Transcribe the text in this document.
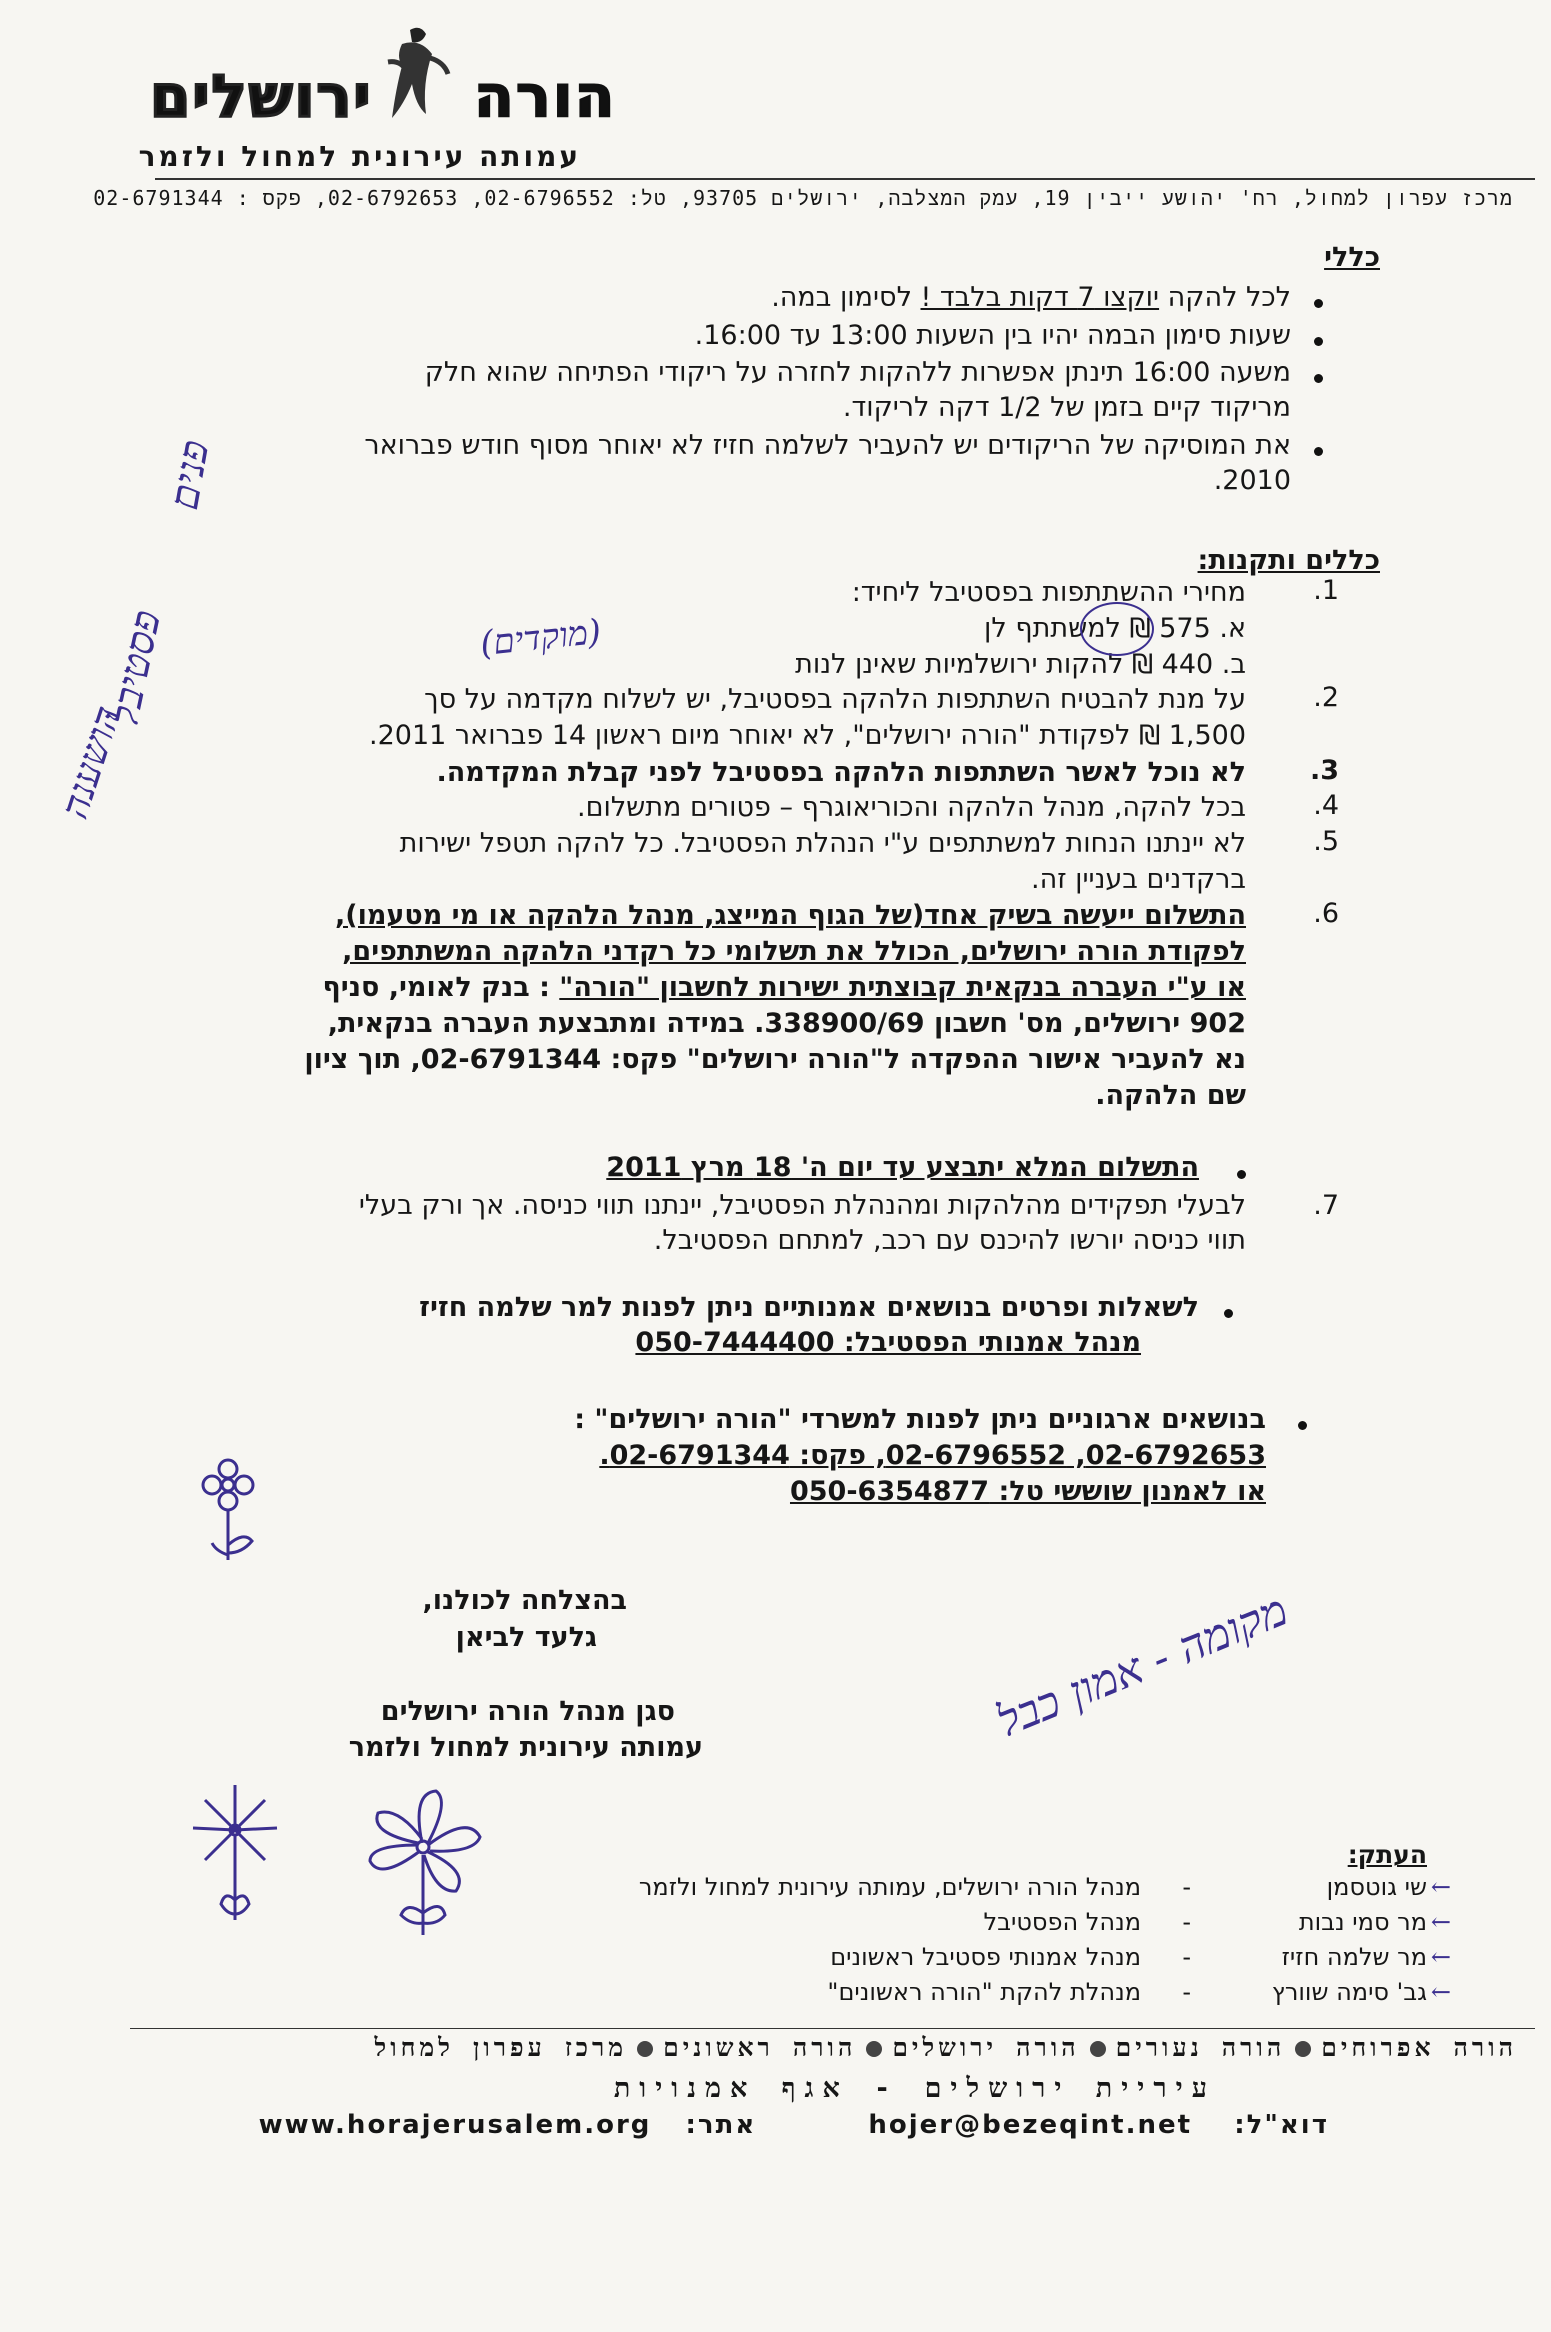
ירושלים הורה
עמותה עירונית למחול ולזמר
מרכז עפרון למחול, רח' יהושע ייבין 19, עמק המצלבה, ירושלים 93705, טל: 02-6796552, 02-6792653, פקס : 02-6791344
כללי
לכל להקה יוקצו 7 דקות בלבד ! לסימון במה.
שעות סימון הבמה יהיו בין השעות 13:00 עד 16:00.
משעה 16:00 תינתן אפשרות ללהקות לחזרה על ריקודי הפתיחה שהוא חלק
מריקוד קיים בזמן של 1/2 דקה לריקוד.
את המוסיקה של הריקודים יש להעביר לשלמה חזיז לא יאוחר מסוף חודש פברואר
2010.
כללים ותקנות:
1.
מחירי ההשתתפות בפסטיבל ליחיד:
א. 575 ₪ למשתתף לן
ב. 440 ₪ להקות ירושלמיות שאינן לנות
2.
על מנת להבטיח השתתפות הלהקה בפסטיבל, יש לשלוח מקדמה על סך
1,500 ₪ לפקודת "הורה ירושלים", לא יאוחר מיום ראשון 14 פברואר 2011.
3.
לא נוכל לאשר השתתפות הלהקה בפסטיבל לפני קבלת המקדמה.
4.
בכל להקה, מנהל הלהקה והכוריאוגרף – פטורים מתשלום.
5.
לא יינתנו הנחות למשתתפים ע"י הנהלת הפסטיבל. כל להקה תטפל ישירות
ברקדנים בעניין זה.
6.
התשלום ייעשה בשיק אחד(של הגוף המייצג, מנהל הלהקה או מי מטעמו),
לפקודת הורה ירושלים, הכולל את תשלומי כל רקדני הלהקה המשתתפים,
או ע"י העברה בנקאית קבוצתית ישירות לחשבון "הורה" : בנק לאומי, סניף
902 ירושלים, מס' חשבון 338900/69. במידה ומתבצעת העברה בנקאית,
נא להעביר אישור ההפקדה ל"הורה ירושלים" פקס: 02-6791344, תוך ציון
שם הלהקה.
התשלום המלא יתבצע עד יום ה' 18 מרץ 2011
7.
לבעלי תפקידים מהלהקות ומהנהלת הפסטיבל, יינתנו תווי כניסה. אך ורק בעלי
תווי כניסה יורשו להיכנס עם רכב, למתחם הפסטיבל.
לשאלות ופרטים בנושאים אמנותיים ניתן לפנות למר שלמה חזיז
מנהל אמנותי הפסטיבל: 050-7444400
בנושאים ארגוניים ניתן לפנות למשרדי "הורה ירושלים" :
02-6792653, 02-6796552, פקס: 02-6791344.
או לאמנון שוששי טל: 050-6354877
בהצלחה לכולנו,
גלעד לביאן
סגן מנהל הורה ירושלים
עמותה עירונית למחול ולזמר
העתק:
←
שי גוטסמן
-
מנהל הורה ירושלים, עמותה עירונית למחול ולזמר
←
מר סמי נבות
-
מנהל הפסטיבל
←
מר שלמה חזיז
-
מנהל אמנותי פסטיבל ראשונים
←
גב' סימה שוורץ
-
מנהלת להקת "הורה ראשונים"
הורה אפרוחיםהורה נעוריםהורה ירושליםהורה ראשוניםמרכז עפרון למחול
עיריית ירושלים - אגף אמנויות
דוא"ל:  hojer@bezeqint.net  אתר:  www.horajerusalem.org
פנים
פסטיבל
הושענה
(מוקדים)
מקומה - אמון כבל
